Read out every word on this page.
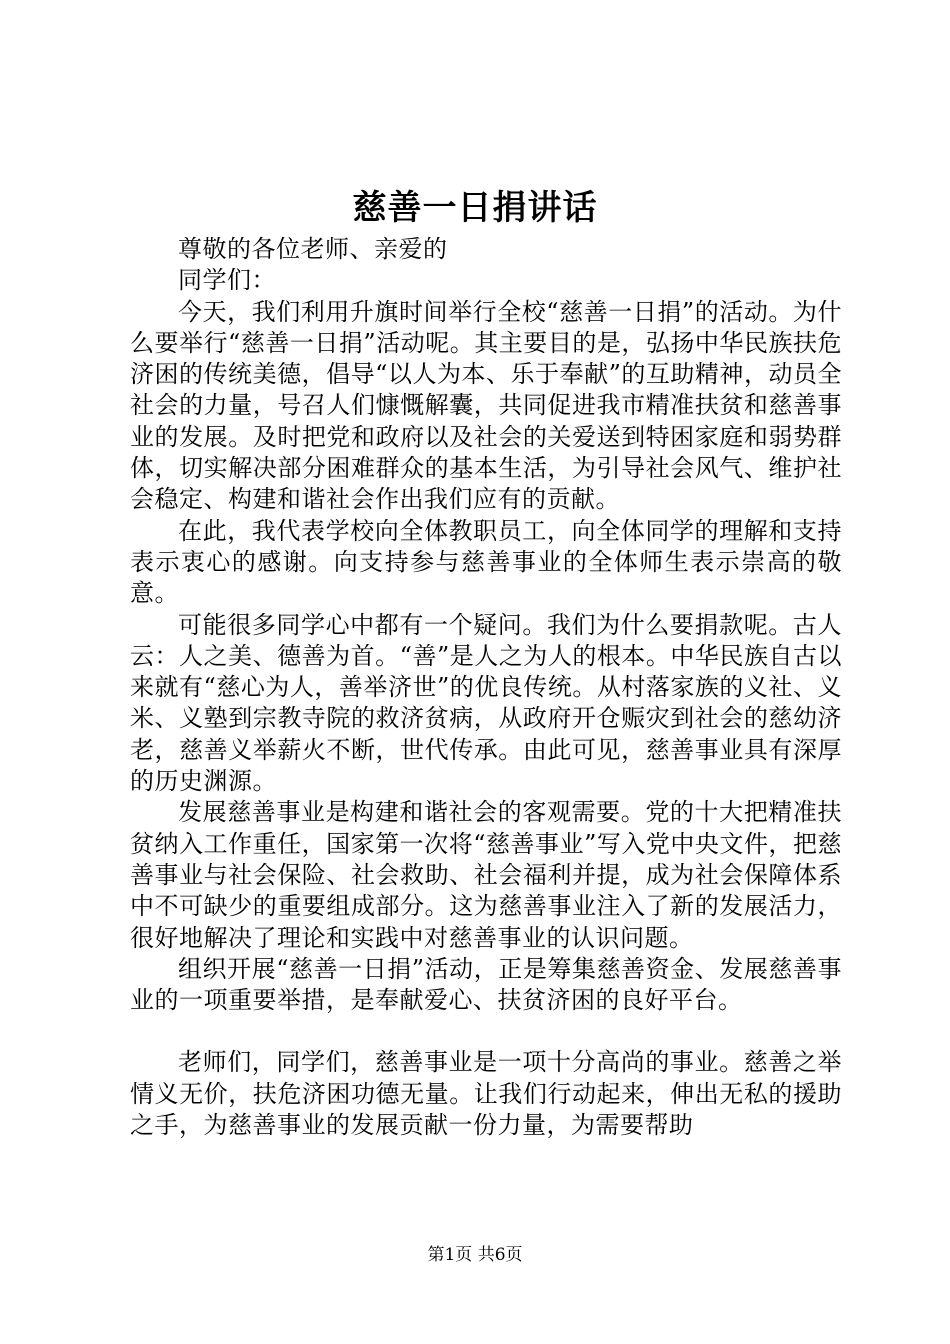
慈善一日捐讲话

尊敬的各位老师、亲爱的

同学们：

今天，我们利用升旗时间举行全校“慈善一日捐”的活动。为什么要举行“慈善一日捐”活动呢。其主要目的是，弘扬中华民族扶危济困的传统美德，倡导“以人为本、乐于奉献”的互助精神，动员全社会的力量，号召人们慷慨解囊，共同促进我市精准扶贫和慈善事业的发展。及时把党和政府以及社会的关爱送到特困家庭和弱势群体，切实解决部分困难群众的基本生活，为引导社会风气、维护社会稳定、构建和谐社会作出我们应有的贡献。

在此，我代表学校向全体教职员工，向全体同学的理解和支持表示衷心的感谢。向支持参与慈善事业的全体师生表示崇高的敬意。

可能很多同学心中都有一个疑问。我们为什么要捐款呢。古人云：人之美、德善为首。“善”是人之为人的根本。中华民族自古以来就有“慈心为人，善举济世”的优良传统。从村落家族的义社、义米、义塾到宗教寺院的救济贫病，从政府开仓赈灾到社会的慈幼济老，慈善义举薪火不断，世代传承。由此可见，慈善事业具有深厚的历史渊源。

发展慈善事业是构建和谐社会的客观需要。党的十大把精准扶贫纳入工作重任，国家第一次将“慈善事业”写入党中央文件，把慈善事业与社会保险、社会救助、社会福利并提，成为社会保障体系中不可缺少的重要组成部分。这为慈善事业注入了新的发展活力，很好地解决了理论和实践中对慈善事业的认识问题。

组织开展“慈善一日捐”活动，正是筹集慈善资金、发展慈善事业的一项重要举措，是奉献爱心、扶贫济困的良好平台。

老师们，同学们，慈善事业是一项十分高尚的事业。慈善之举情义无价，扶危济困功德无量。让我们行动起来，伸出无私的援助之手，为慈善事业的发展贡献一份力量，为需要帮助

第1页 共6页
